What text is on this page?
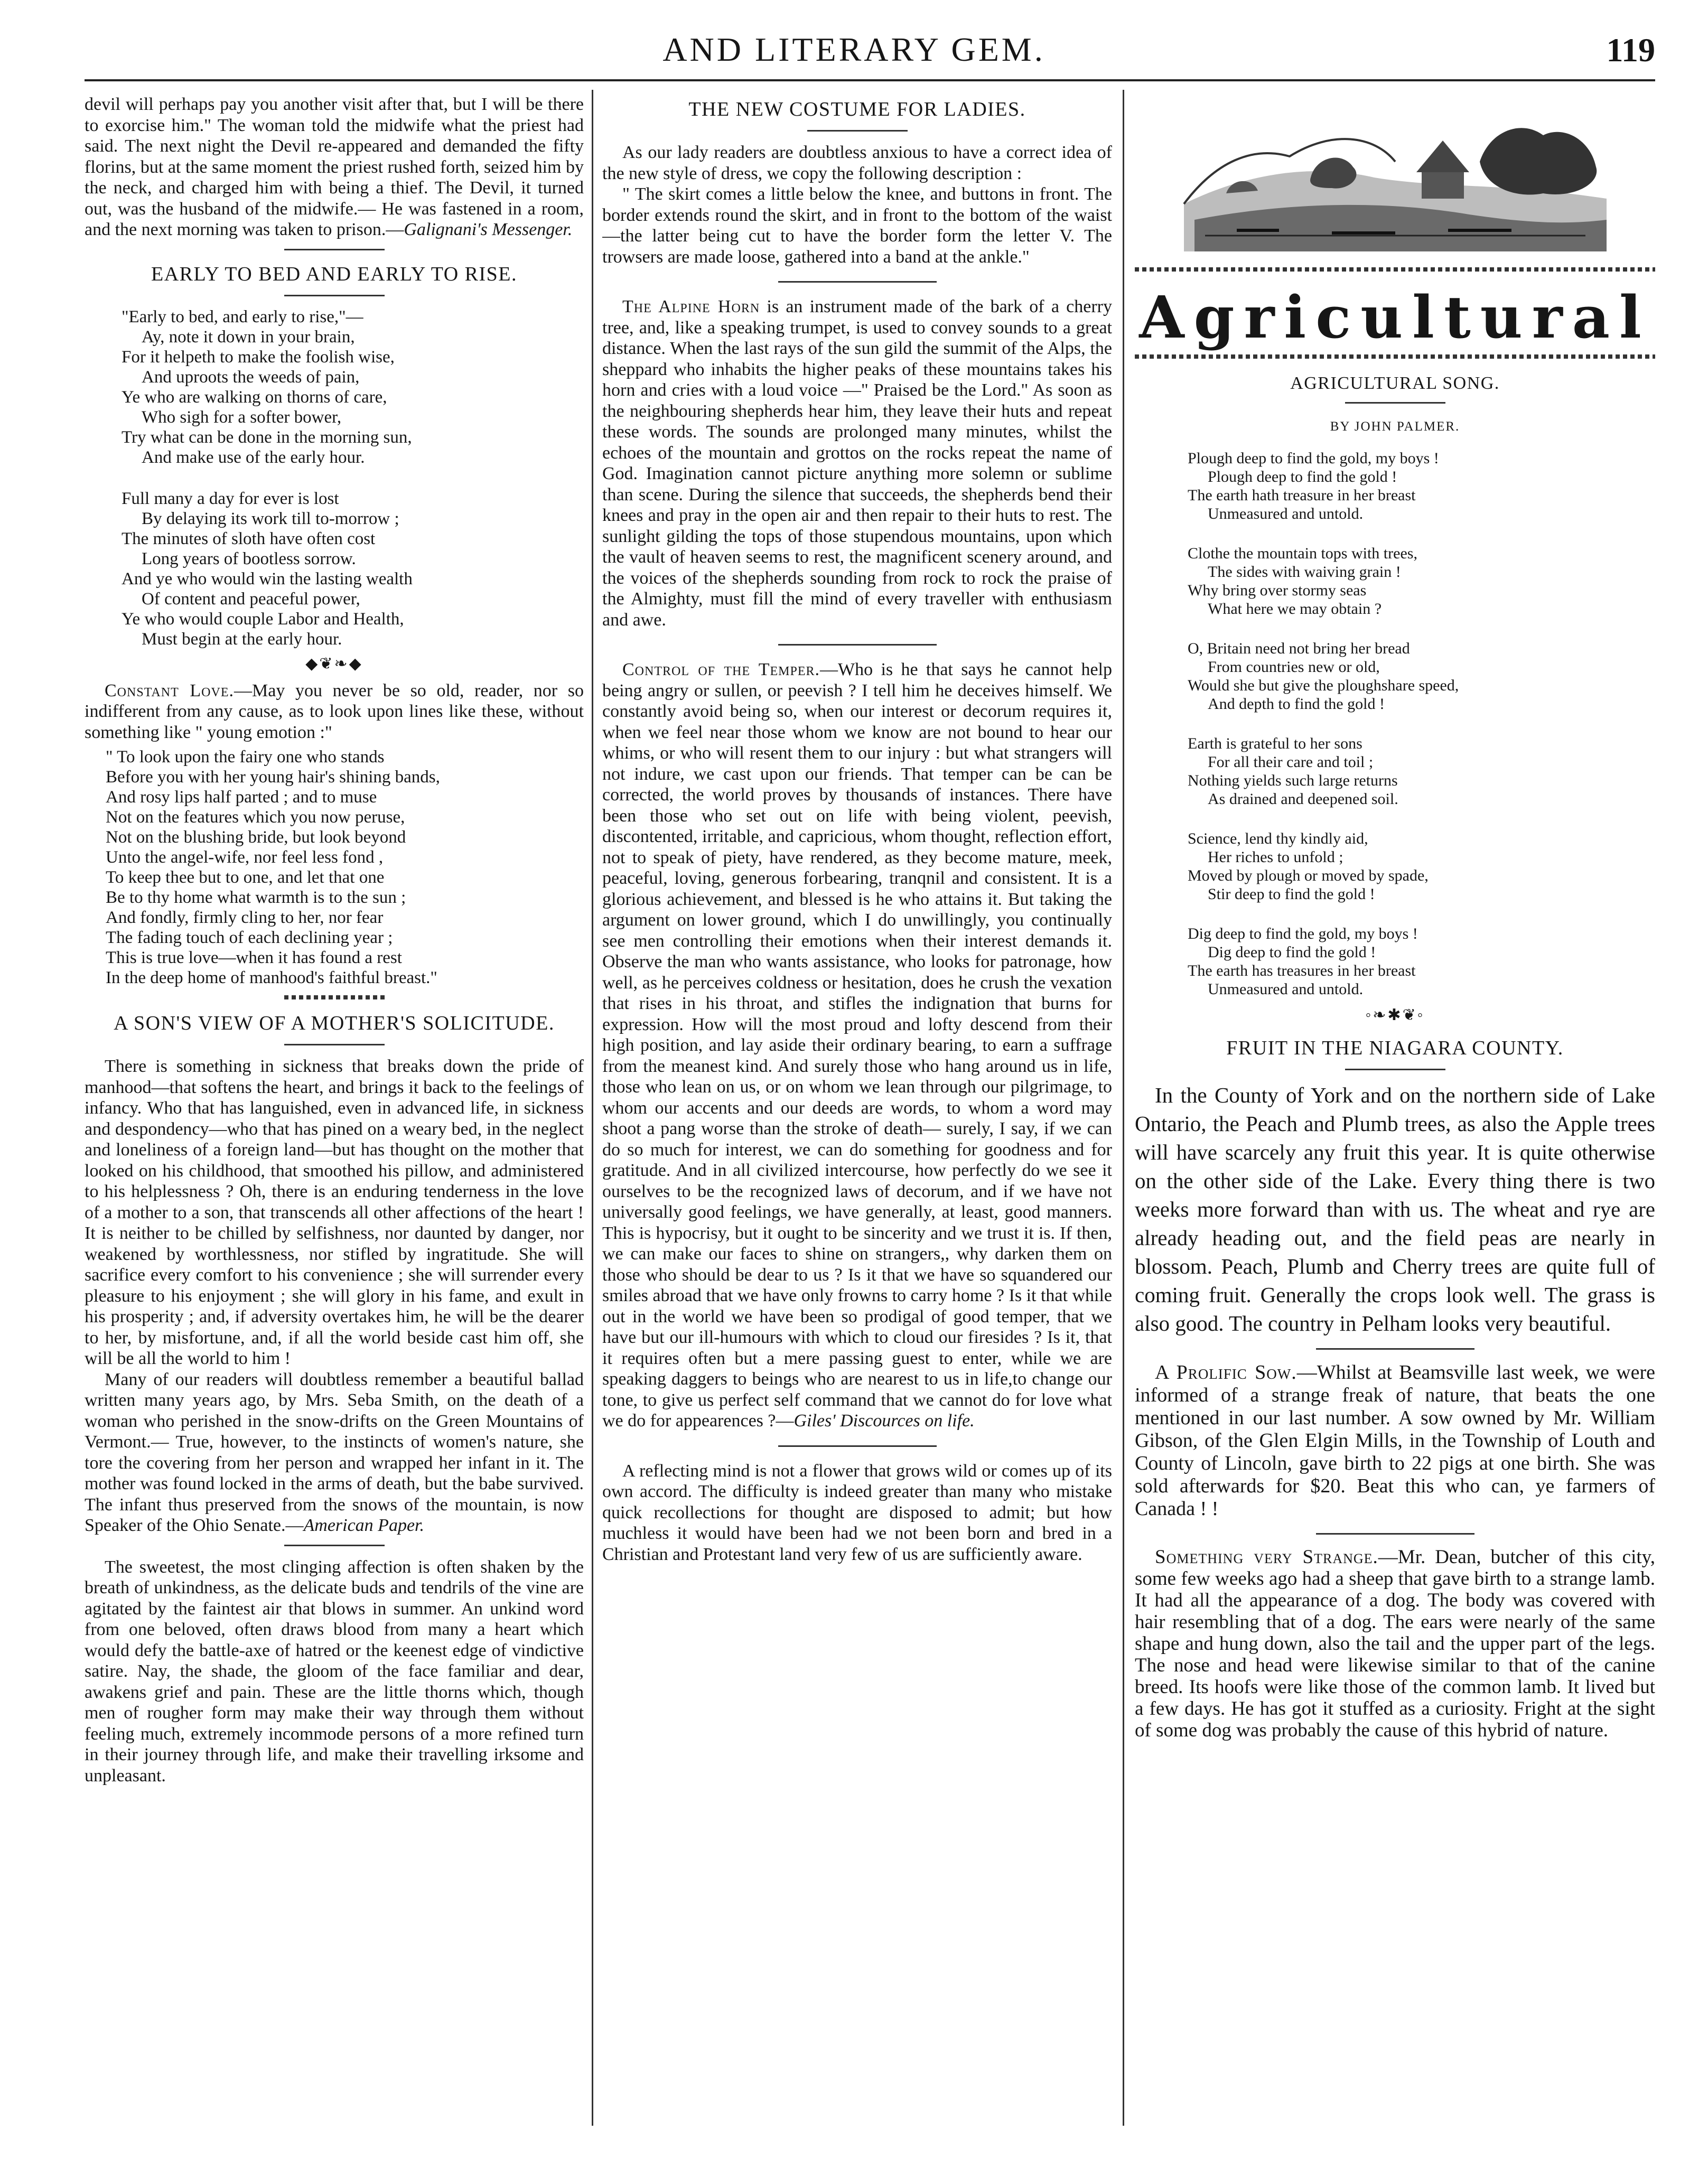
AND LITERARY GEM.	119

devil will perhaps pay you another visit after that, but I will be there to exorcise him." The woman told the midwife what the priest had said. The next night the Devil re-appeared and demanded the fifty florins, but at the same moment the priest rushed forth, seized him by the neck, and charged him with being a thief. The Devil, it turned out, was the husband of the midwife.— He was fastened in a room, and the next morning was taken to prison.—Galignani's Messenger.

EARLY TO BED AND EARLY TO RISE.
"Early to bed, and early to rise,"—
Ay, note it down in your brain,
For it helpeth to make the foolish wise,
And uproots the weeds of pain,
Ye who are walking on thorns of care,
Who sigh for a softer bower,
Try what can be done in the morning sun,
And make use of the early hour.
Full many a day for ever is lost
By delaying its work till to-morrow ;
The minutes of sloth have often cost
Long years of bootless sorrow.
And ye who would win the lasting wealth
Of content and peaceful power,
Ye who would couple Labor and Health,
Must begin at the early hour.
◆❦❧◆

Constant Love.—May you never be so old, reader, nor so indifferent from any cause, as to look upon lines like these, without something like " young emotion :"

" To look upon the fairy one who stands
Before you with her young hair's shining bands,
And rosy lips half parted ; and to muse
Not on the features which you now peruse,
Not on the blushing bride, but look beyond
Unto the angel-wife, nor feel less fond ,
To keep thee but to one, and let that one
Be to thy home what warmth is to the sun ;
And fondly, firmly cling to her, nor fear
The fading touch of each declining year ;
This is true love—when it has found a rest
In the deep home of manhood's faithful breast."
A SON'S VIEW OF A MOTHER'S SOLICITUDE.

There is something in sickness that breaks down the pride of manhood—that softens the heart, and brings it back to the feelings of infancy. Who that has languished, even in advanced life, in sickness and despondency—who that has pined on a weary bed, in the neglect and loneliness of a foreign land—but has thought on the mother that looked on his childhood, that smoothed his pillow, and administered to his helplessness ? Oh, there is an enduring tenderness in the love of a mother to a son, that transcends all other affections of the heart ! It is neither to be chilled by selfishness, nor daunted by danger, nor weakened by worthlessness, nor stifled by ingratitude. She will sacrifice every comfort to his convenience ; she will surrender every pleasure to his enjoyment ; she will glory in his fame, and exult in his prosperity ; and, if adversity overtakes him, he will be the dearer to her, by misfortune, and, if all the world beside cast him off, she will be all the world to him !

Many of our readers will doubtless remember a beautiful ballad written many years ago, by Mrs. Seba Smith, on the death of a woman who perished in the snow-drifts on the Green Mountains of Vermont.— True, however, to the instincts of women's nature, she tore the covering from her person and wrapped her infant in it. The mother was found locked in the arms of death, but the babe survived. The infant thus preserved from the snows of the mountain, is now Speaker of the Ohio Senate.—American Paper.

The sweetest, the most clinging affection is often shaken by the breath of unkindness, as the delicate buds and tendrils of the vine are agitated by the faintest air that blows in summer. An unkind word from one beloved, often draws blood from many a heart which would defy the battle-axe of hatred or the keenest edge of vindictive satire. Nay, the shade, the gloom of the face familiar and dear, awakens grief and pain. These are the little thorns which, though men of rougher form may make their way through them without feeling much, extremely incommode persons of a more refined turn in their journey through life, and make their travelling irksome and unpleasant.

THE NEW COSTUME FOR LADIES.

As our lady readers are doubtless anxious to have a correct idea of the new style of dress, we copy the following description :

" The skirt comes a little below the knee, and buttons in front. The border extends round the skirt, and in front to the bottom of the waist—the latter being cut to have the border form the letter V. The trowsers are made loose, gathered into a band at the ankle."

The Alpine Horn is an instrument made of the bark of a cherry tree, and, like a speaking trumpet, is used to convey sounds to a great distance. When the last rays of the sun gild the summit of the Alps, the sheppard who inhabits the higher peaks of these mountains takes his horn and cries with a loud voice —" Praised be the Lord." As soon as the neighbouring shepherds hear him, they leave their huts and repeat these words. The sounds are prolonged many minutes, whilst the echoes of the mountain and grottos on the rocks repeat the name of God. Imagination cannot picture anything more solemn or sublime than scene. During the silence that succeeds, the shepherds bend their knees and pray in the open air and then repair to their huts to rest. The sunlight gilding the tops of those stupendous mountains, upon which the vault of heaven seems to rest, the magnificent scenery around, and the voices of the shepherds sounding from rock to rock the praise of the Almighty, must fill the mind of every traveller with enthusiasm and awe.

Control of the Temper.—Who is he that says he cannot help being angry or sullen, or peevish ? I tell him he deceives himself. We constantly avoid being so, when our interest or decorum requires it, when we feel near those whom we know are not bound to hear our whims, or who will resent them to our injury : but what strangers will not indure, we cast upon our friends. That temper can be can be corrected, the world proves by thousands of instances. There have been those who set out on life with being violent, peevish, discontented, irritable, and capricious, whom thought, reflection effort, not to speak of piety, have rendered, as they become mature, meek, peaceful, loving, generous forbearing, tranqnil and consistent. It is a glorious achievement, and blessed is he who attains it. But taking the argument on lower ground, which I do unwillingly, you continually see men controlling their emotions when their interest demands it. Observe the man who wants assistance, who looks for patronage, how well, as he perceives coldness or hesitation, does he crush the vexation that rises in his throat, and stifles the indignation that burns for expression. How will the most proud and lofty descend from their high position, and lay aside their ordinary bearing, to earn a suffrage from the meanest kind. And surely those who hang around us in life, those who lean on us, or on whom we lean through our pilgrimage, to whom our accents and our deeds are words, to whom a word may shoot a pang worse than the stroke of death— surely, I say, if we can do so much for interest, we can do something for goodness and for gratitude. And in all civilized intercourse, how perfectly do we see it ourselves to be the recognized laws of decorum, and if we have not universally good feelings, we have generally, at least, good manners. This is hypocrisy, but it ought to be sincerity and we trust it is. If then, we can make our faces to shine on strangers,, why darken them on those who should be dear to us ? Is it that we have so squandered our smiles abroad that we have only frowns to carry home ? Is it that while out in the world we have been so prodigal of good temper, that we have but our ill-humours with which to cloud our firesides ? Is it, that it requires often but a mere passing guest to enter, while we are speaking daggers to beings who are nearest to us in life,to change our tone, to give us perfect self command that we cannot do for love what we do for appearences ?—Giles' Discources on life.

A reflecting mind is not a flower that grows wild or comes up of its own accord. The difficulty is indeed greater than many who mistake quick recollections for thought are disposed to admit; but how muchless it would have been had we not been born and bred in a Christian and Protestant land very few of us are sufficiently aware.

Agricultural
AGRICULTURAL SONG.
BY JOHN PALMER.
Plough deep to find the gold, my boys !
Plough deep to find the gold !
The earth hath treasure in her breast
Unmeasured and untold.
Clothe the mountain tops with trees,
The sides with waiving grain !
Why bring over stormy seas
What here we may obtain ?
O, Britain need not bring her bread
From countries new or old,
Would she but give the ploughshare speed,
And depth to find the gold !
Earth is grateful to her sons
For all their care and toil ;
Nothing yields such large returns
As drained and deepened soil.
Science, lend thy kindly aid,
Her riches to unfold ;
Moved by plough or moved by spade,
Stir deep to find the gold !
Dig deep to find the gold, my boys !
Dig deep to find the gold !
The earth has treasures in her breast
Unmeasured and untold.
◦❧✱❦◦
FRUIT IN THE NIAGARA COUNTY.

In the County of York and on the northern side of Lake Ontario, the Peach and Plumb trees, as also the Apple trees will have scarcely any fruit this year. It is quite otherwise on the other side of the Lake. Every thing there is two weeks more forward than with us. The wheat and rye are already heading out, and the field peas are nearly in blossom. Peach, Plumb and Cherry trees are quite full of coming fruit. Generally the crops look well. The grass is also good. The country in Pelham looks very beautiful.

A Prolific Sow.—Whilst at Beamsville last week, we were informed of a strange freak of nature, that beats the one mentioned in our last number. A sow owned by Mr. William Gibson, of the Glen Elgin Mills, in the Township of Louth and County of Lincoln, gave birth to 22 pigs at one birth. She was sold afterwards for $20. Beat this who can, ye farmers of Canada ! !

Something very Strange.—Mr. Dean, butcher of this city, some few weeks ago had a sheep that gave birth to a strange lamb. It had all the appearance of a dog. The body was covered with hair resembling that of a dog. The ears were nearly of the same shape and hung down, also the tail and the upper part of the legs. The nose and head were likewise similar to that of the canine breed. Its hoofs were like those of the common lamb. It lived but a few days. He has got it stuffed as a curiosity. Fright at the sight of some dog was probably the cause of this hybrid of nature.
